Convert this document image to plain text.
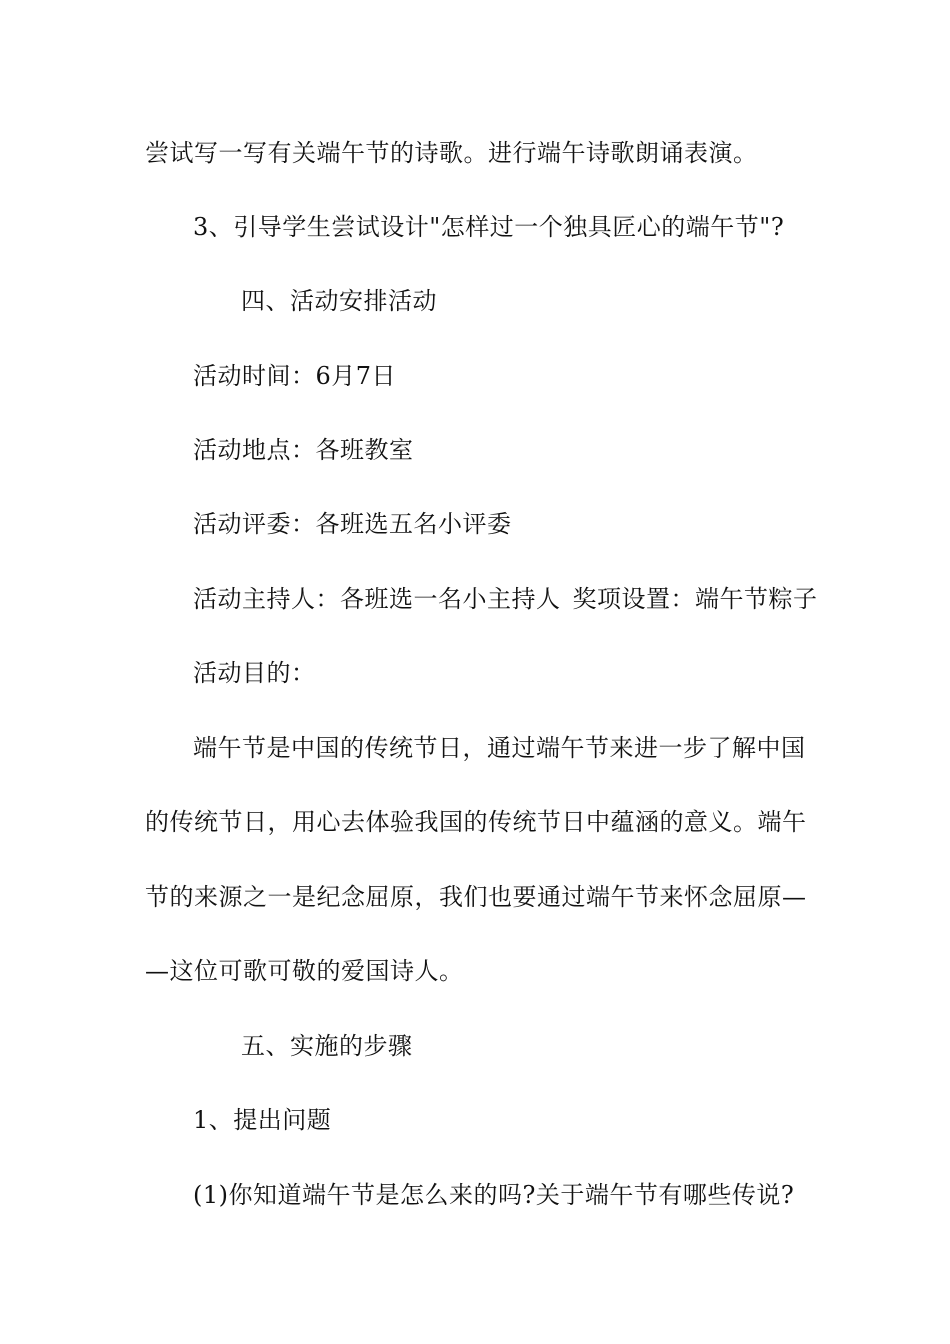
尝试写一写有关端午节的诗歌。进行端午诗歌朗诵表演。
3、引导学生尝试设计"怎样过一个独具匠心的端午节"?
四、活动安排活动
活动时间：6月7日
活动地点：各班教室
活动评委：各班选五名小评委
活动主持人：各班选一名小主持人 奖项设置：端午节粽子
活动目的：
端午节是中国的传统节日，通过端午节来进一步了解中国
的传统节日，用心去体验我国的传统节日中蕴涵的意义。端午
节的来源之一是纪念屈原，我们也要通过端午节来怀念屈原—
—这位可歌可敬的爱国诗人。
五、实施的步骤
1、提出问题
(1)你知道端午节是怎么来的吗?关于端午节有哪些传说?
